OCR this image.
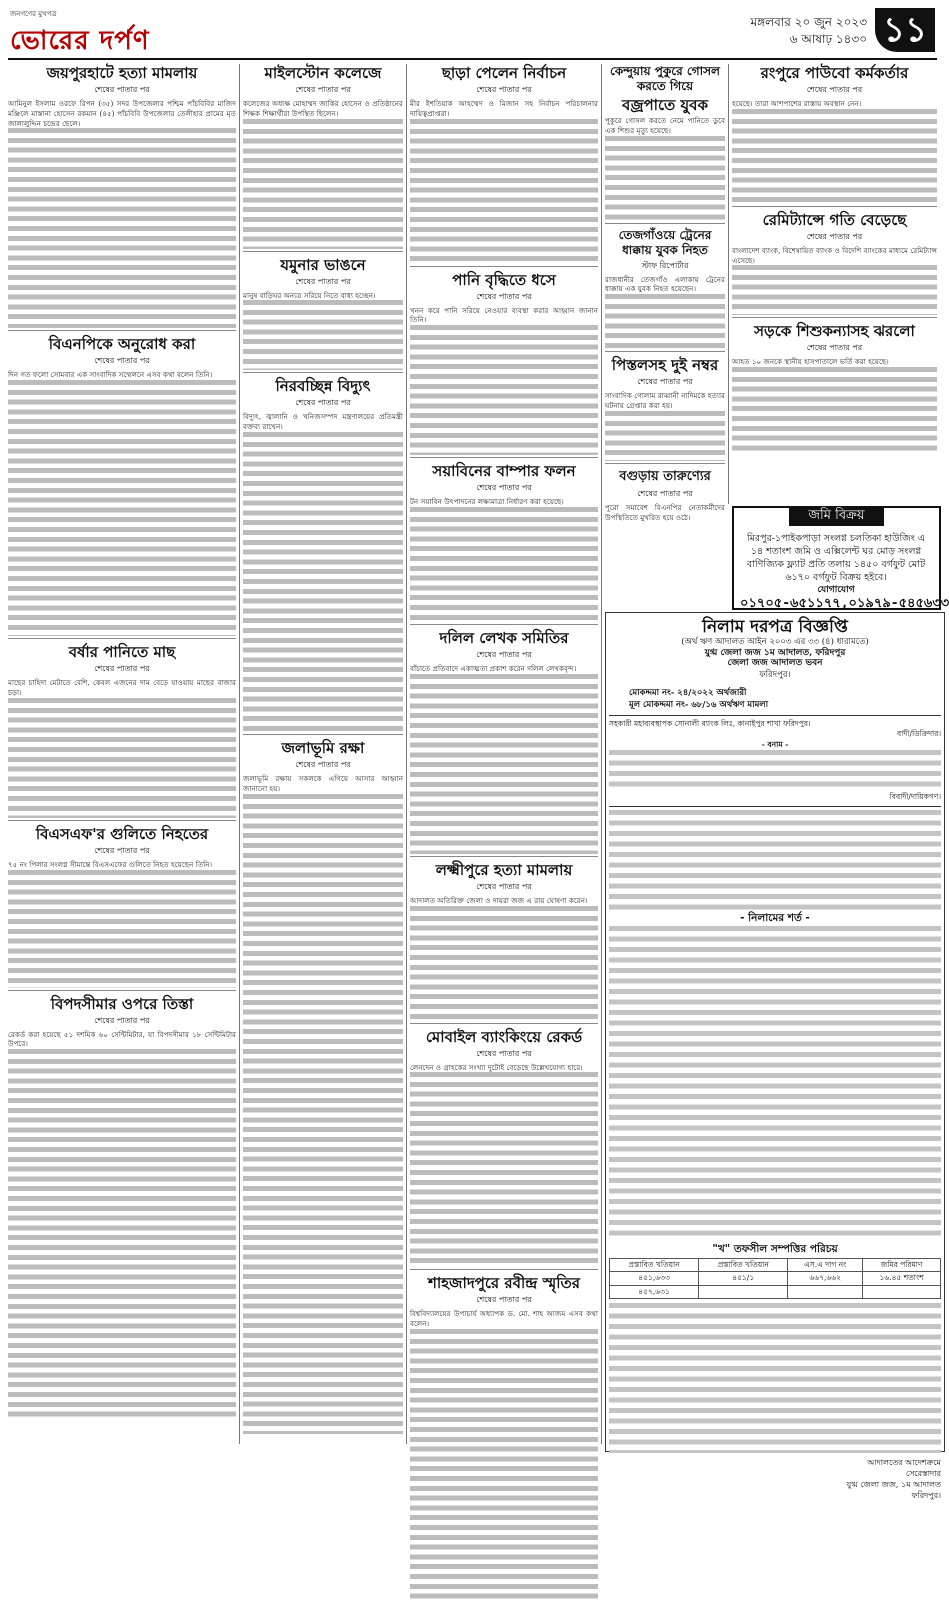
জনগণের মুখপত্র
ভোরের দর্পণ
মঙ্গলবার ২০ জুন ২০২৩
৬ আষাঢ় ১৪৩০ ১১
জয়পুরহাটে হত্যা মামলায়
শেষের পাতার পর
আমিনুল ইসলাম ওরফে রিপন (৩৫) সদর উপজেলার পশ্চিম পাঁচবিবির মাজিদ মঞ্জিলে মাস্তানা হোসেন রকমান (৪৫) পাঁচবিবি উপজেলার তেলীহার প্রামের মৃত জালালুদ্দিন চন্দ্রের ছেলে।
বিএনপিকে অনুরোধ করা
শেষের পাতার পর
দিন গত ফলো সোমবার এক সাংবাদিক সম্মেলনে এসব কথা বলেন তিনি।
বর্ষার পানিতে মাছ
শেষের পাতার পর
মাছের চাহিদা মেটাতে বেশি, কেবল এজনের দাম বেড়ে যাওয়ায় মাছের বাজার চড়া।
বিএসএফ'র গুলিতে নিহতের
শেষের পাতার পর
৭৫ নং পিলার সংলগ্ন সীমান্তে বিএসএফের গুলিতে নিহত হয়েছেন তিনি।
বিপদসীমার ওপরে তিস্তা
শেষের পাতার পর
রেকর্ড করা হয়েছে ৫১ দশমিক ৬০ সেন্টিমিটার, যা বিপদসীমার ১৮ সেন্টিমিটার উপরে।
মাইলস্টোন কলেজে
শেষের পাতার পর
কলেজের অধ্যক্ষ মোহাম্মদ জাকির হোসেন ও প্রতিষ্ঠানের শিক্ষক শিক্ষার্থীরা উপস্থিত ছিলেন।
যমুনার ভাঙনে
শেষের পাতার পর
মানুষ বাড়িঘর অন্যত্র সরিয়ে নিতে বাধ্য হচ্ছেন।
নিরবচ্ছিন্ন বিদ্যুৎ
শেষের পাতার পর
বিদ্যুৎ, জ্বালানি ও খনিজসম্পদ মন্ত্রণালয়ের প্রতিমন্ত্রী বক্তব্য রাখেন।
জলাভূমি রক্ষা
শেষের পাতার পর
জলাভূমি রক্ষায় সকলকে এগিয়ে আসার আহ্বান জানানো হয়।
ছাড়া পেলেন নির্বাচন
শেষের পাতার পর
মীর ইশতিয়াক আহম্মেদ ও মিজান সহ নির্বাচন পরিচালনার দায়িত্বপ্রাপ্তরা।
পানি বৃদ্ধিতে ধসে
শেষের পাতার পর
খনন করে পানি সরিয়ে নেওয়ার ব্যবস্থা করার আহ্বান জানান তিনি।
সয়াবিনের বাম্পার ফলন
শেষের পাতার পর
টন সয়াবিন উৎপাদনের লক্ষ্যমাত্রা নির্ধারণ করা হয়েছে।
দলিল লেখক সমিতির
শেষের পাতার পর
বাঁচাতে প্রতিবাদে একাত্মতা প্রকাশ করেন দলিল লেখকবৃন্দ।
লক্ষ্মীপুরে হত্যা মামলায়
শেষের পাতার পর
আদালত অতিরিক্ত জেলা ও দায়রা জজ এ রায় ঘোষণা করেন।
মোবাইল ব্যাংকিংয়ে রেকর্ড
শেষের পাতার পর
লেনদেন ও গ্রাহকের সংখ্যা দুটোই বেড়েছে উল্লেখযোগ্য হারে।
শাহজাদপুরে রবীন্দ্র স্মৃতির
শেষের পাতার পর
বিশ্ববিদ্যালয়ের উপাচার্য অধ্যাপক ড. মো. শাহ আজম এসব কথা বলেন।
কেন্দুয়ায় পুকুরে গোসল করতে গিয়ে
বজ্রপাতে যুবক
পুকুরে গোসল করতে নেমে পানিতে ডুবে এক শিশুর মৃত্যু হয়েছে।
তেজগাঁওয়ে ট্রেনের ধাক্কায় যুবক নিহত
স্টাফ রিপোর্টার
রাজধানীর তেজগাঁও এলাকায় ট্রেনের ধাক্কায় এক যুবক নিহত হয়েছেন।
পিস্তলসহ দুই নম্বর
শেষের পাতার পর
সাংবাদিক গোলাম রাব্বানী নাদিমকে হত্যার ঘটনায় গ্রেপ্তার করা হয়।
বগুড়ায় তারুণ্যের
শেষের পাতার পর
পুরো সমাবেশ বিএনপির নেতাকর্মীদের উপস্থিতিতে মুখরিত হয়ে ওঠে।
রংপুরে পাউবো কর্মকর্তার
শেষের পাতার পর
হয়েছে। তারা আশপাশের রাস্তায় অবস্থান নেন।
রেমিট্যান্সে গতি বেড়েছে
শেষের পাতার পর
বাংলাদেশ ব্যাংক, বিশেষায়িত ব্যাংক ও বিদেশি ব্যাংকের মাধ্যমে রেমিট্যান্স এসেছে।
সড়কে শিশুকন্যাসহ ঝরলো
শেষের পাতার পর
আহত ১০ জনকে স্থানীয় হাসপাতালে ভর্তি করা হয়েছে।
জমি বিক্রয়
মিরপুর-১পাইকপাড়া সংলগ্ন চলতিকা হাউজিং এ ১৪ শতাংশ জমি ও এক্সিলেন্ট ঘর মোড় সংলগ্ন বাণিজ্যিক ফ্ল্যাট প্রতি তলায় ১৪৫০ বর্গফুট মোট ৬১৭০ বর্গফুট বিক্রয় হইবে।
যোগাযোগ
০১৭০৫-৬৫১১৭৭,০১৯৭৯-৫৪৫৬৩৩
নিলাম দরপত্র বিজ্ঞপ্তি
(অর্থ ঋণ আদালত আইন ২০০৩ এর ৩৩ (৪) ধারামতে)
যুগ্ম জেলা জজ ১ম আদালত, ফরিদপুর
জেলা জজ আদালত ভবন
ফরিদপুর।
মোকদ্দমা নং- ২৪/২০২২ অর্থজারী
মূল মোকদ্দমা নং- ৬৮/১৬ অর্থঋণ মামলা
সহকারী মহাব্যবস্থাপক সোনালী ব্যাংক লিঃ, কানাইপুর শাখা ফরিদপুর।
বাদী/ডিক্রিদার।
- বনাম -
বিবাদী/দায়িকগণ।
- নিলামের শর্ত -
"খ" তফসীল সম্পত্তির পরিচয়
প্রস্তাবিত খতিয়ান	প্রস্তাবিত খতিয়ান	এস.এ দাগ নং	জমির পরিমাণ
৪৫১,৬৩৩	৪৫১/১	৬৬৭,৬৬২	১৬.৪৫ শতাংশ
৪৫৭,৬৩১			
আদালতের আদেশক্রমে
সেরেস্তাদার
যুগ্ম জেলা জজ, ১ম আদালত
ফরিদপুর।
